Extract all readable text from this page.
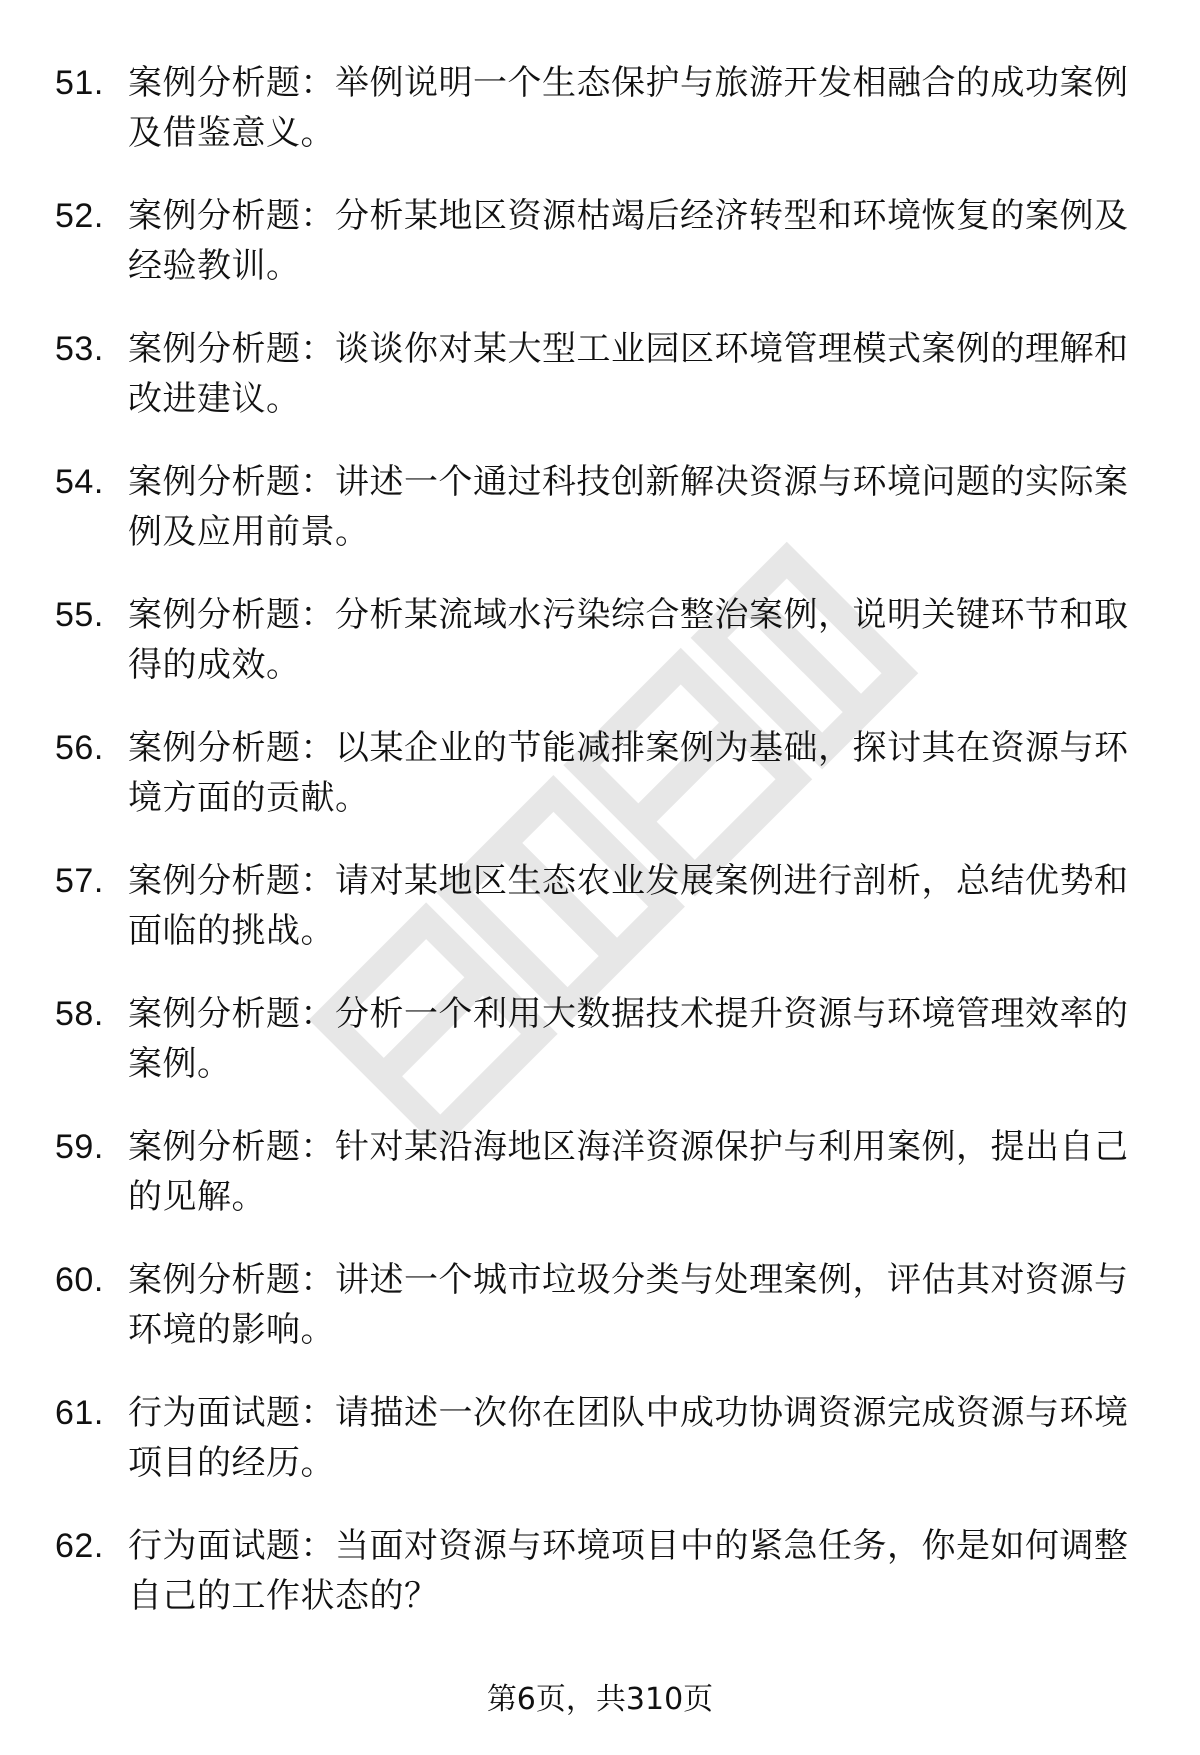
51. 案例分析题：举例说明一个生态保护与旅游开发相融合的成功案例及借鉴意义。
52. 案例分析题：分析某地区资源枯竭后经济转型和环境恢复的案例及经验教训。
53. 案例分析题：谈谈你对某大型工业园区环境管理模式案例的理解和改进建议。
54. 案例分析题：讲述一个通过科技创新解决资源与环境问题的实际案例及应用前景。
55. 案例分析题：分析某流域水污染综合整治案例，说明关键环节和取得的成效。
56. 案例分析题：以某企业的节能减排案例为基础，探讨其在资源与环境方面的贡献。
57. 案例分析题：请对某地区生态农业发展案例进行剖析，总结优势和面临的挑战。
58. 案例分析题：分析一个利用大数据技术提升资源与环境管理效率的案例。
59. 案例分析题：针对某沿海地区海洋资源保护与利用案例，提出自己的见解。
60. 案例分析题：讲述一个城市垃圾分类与处理案例，评估其对资源与环境的影响。
61. 行为面试题：请描述一次你在团队中成功协调资源完成资源与环境项目的经历。
62. 行为面试题：当面对资源与环境项目中的紧急任务，你是如何调整自己的工作状态的？
第6页，共310页
